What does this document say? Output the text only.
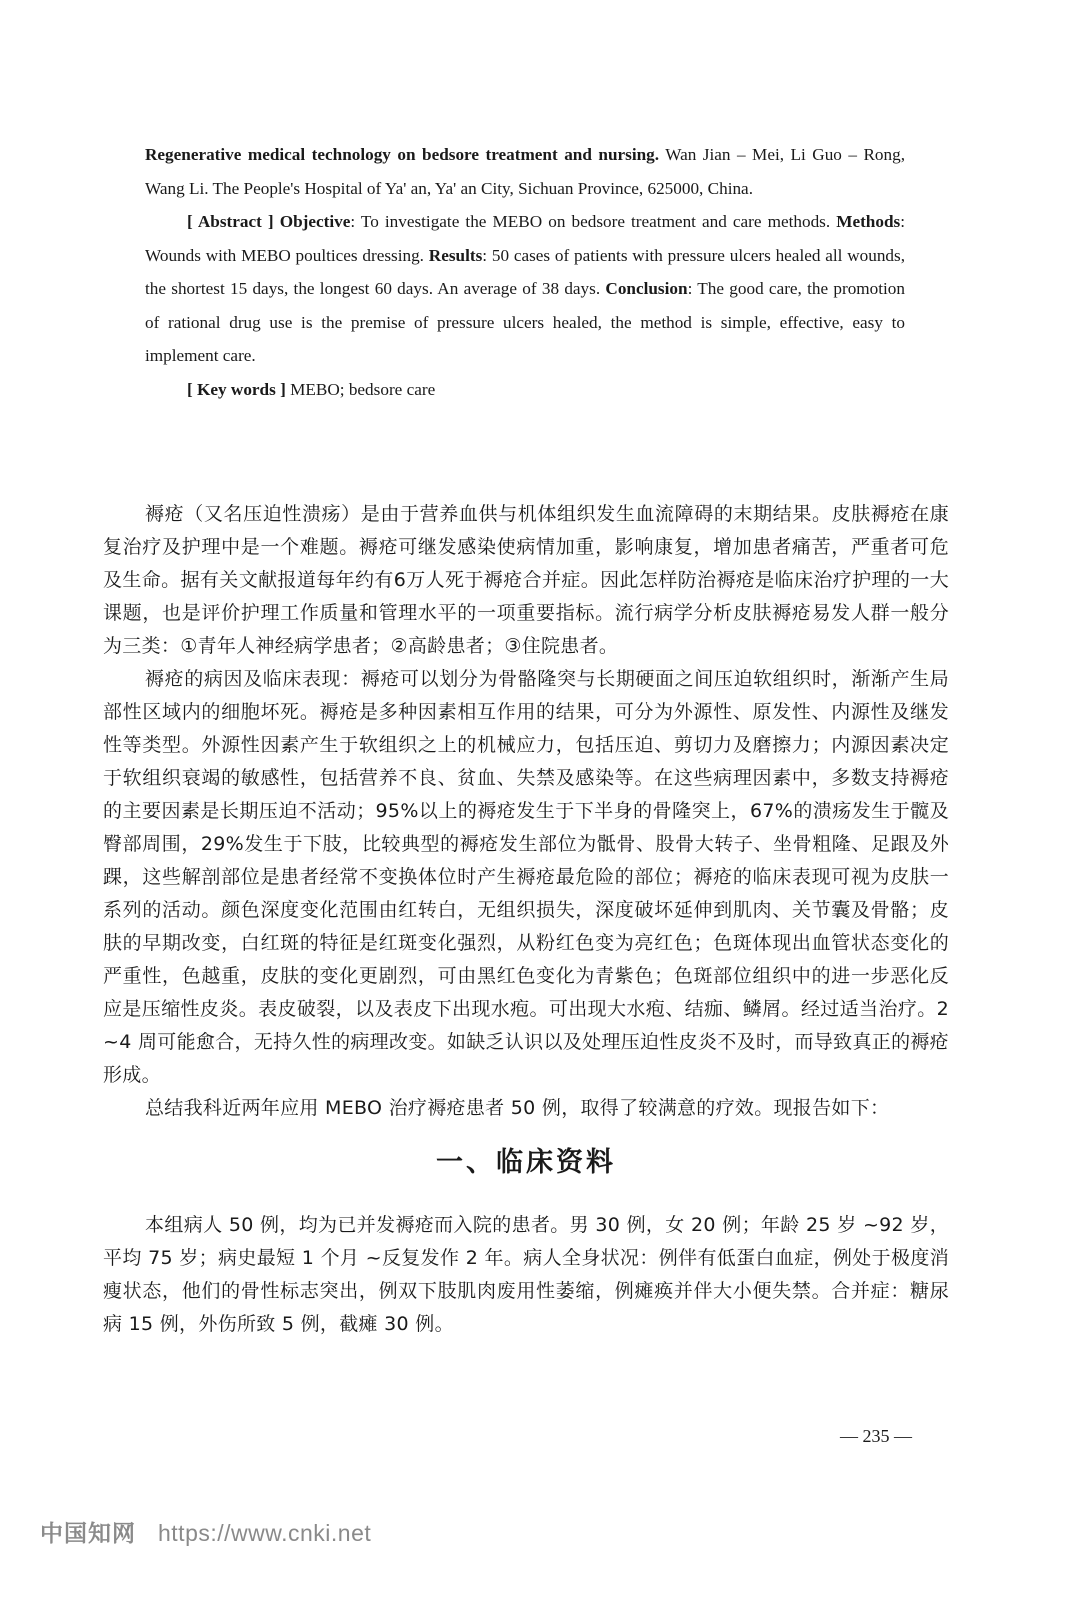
Regenerative medical technology on bedsore treatment and nursing. Wan Jian – Mei, Li Guo – Rong, Wang Li. The People's Hospital of Ya' an, Ya' an City, Sichuan Province, 625000, China.

[ Abstract ] Objective: To investigate the MEBO on bedsore treatment and care methods. Methods: Wounds with MEBO poultices dressing. Results: 50 cases of patients with pressure ulcers healed all wounds, the shortest 15 days, the longest 60 days. An average of 38 days. Conclusion: The good care, the promotion of rational drug use is the premise of pressure ulcers healed, the method is simple, effective, easy to implement care.

[ Key words ] MEBO; bedsore care

褥疮（又名压迫性溃疡）是由于营养血供与机体组织发生血流障碍的末期结果。皮肤褥疮在康复治疗及护理中是一个难题。褥疮可继发感染使病情加重，影响康复，增加患者痛苦，严重者可危及生命。据有关文献报道每年约有6万人死于褥疮合并症。因此怎样防治褥疮是临床治疗护理的一大课题，也是评价护理工作质量和管理水平的一项重要指标。流行病学分析皮肤褥疮易发人群一般分为三类：①青年人神经病学患者；②高龄患者；③住院患者。

褥疮的病因及临床表现：褥疮可以划分为骨骼隆突与长期硬面之间压迫软组织时，渐渐产生局部性区域内的细胞坏死。褥疮是多种因素相互作用的结果，可分为外源性、原发性、内源性及继发性等类型。外源性因素产生于软组织之上的机械应力，包括压迫、剪切力及磨擦力；内源因素决定于软组织衰竭的敏感性，包括营养不良、贫血、失禁及感染等。在这些病理因素中，多数支持褥疮的主要因素是长期压迫不活动；95%以上的褥疮发生于下半身的骨隆突上，67%的溃疡发生于髋及臀部周围，29%发生于下肢，比较典型的褥疮发生部位为骶骨、股骨大转子、坐骨粗隆、足跟及外踝，这些解剖部位是患者经常不变换体位时产生褥疮最危险的部位；褥疮的临床表现可视为皮肤一系列的活动。颜色深度变化范围由红转白，无组织损失，深度破坏延伸到肌肉、关节囊及骨骼；皮肤的早期改变，白红斑的特征是红斑变化强烈，从粉红色变为亮红色；色斑体现出血管状态变化的严重性，色越重，皮肤的变化更剧烈，可由黑红色变化为青紫色；色斑部位组织中的进一步恶化反应是压缩性皮炎。表皮破裂，以及表皮下出现水疱。可出现大水疱、结痂、鳞屑。经过适当治疗。2 ~4 周可能愈合，无持久性的病理改变。如缺乏认识以及处理压迫性皮炎不及时，而导致真正的褥疮形成。

总结我科近两年应用 MEBO 治疗褥疮患者 50 例，取得了较满意的疗效。现报告如下：

一、临床资料

本组病人 50 例，均为已并发褥疮而入院的患者。男 30 例，女 20 例；年龄 25 岁 ~92 岁，平均 75 岁；病史最短 1 个月 ~反复发作 2 年。病人全身状况：例伴有低蛋白血症，例处于极度消瘦状态，他们的骨性标志突出，例双下肢肌肉废用性萎缩，例瘫痪并伴大小便失禁。合并症：糖尿病 15 例，外伤所致 5 例，截瘫 30 例。

— 235 —
中国知网 https://www.cnki.net
